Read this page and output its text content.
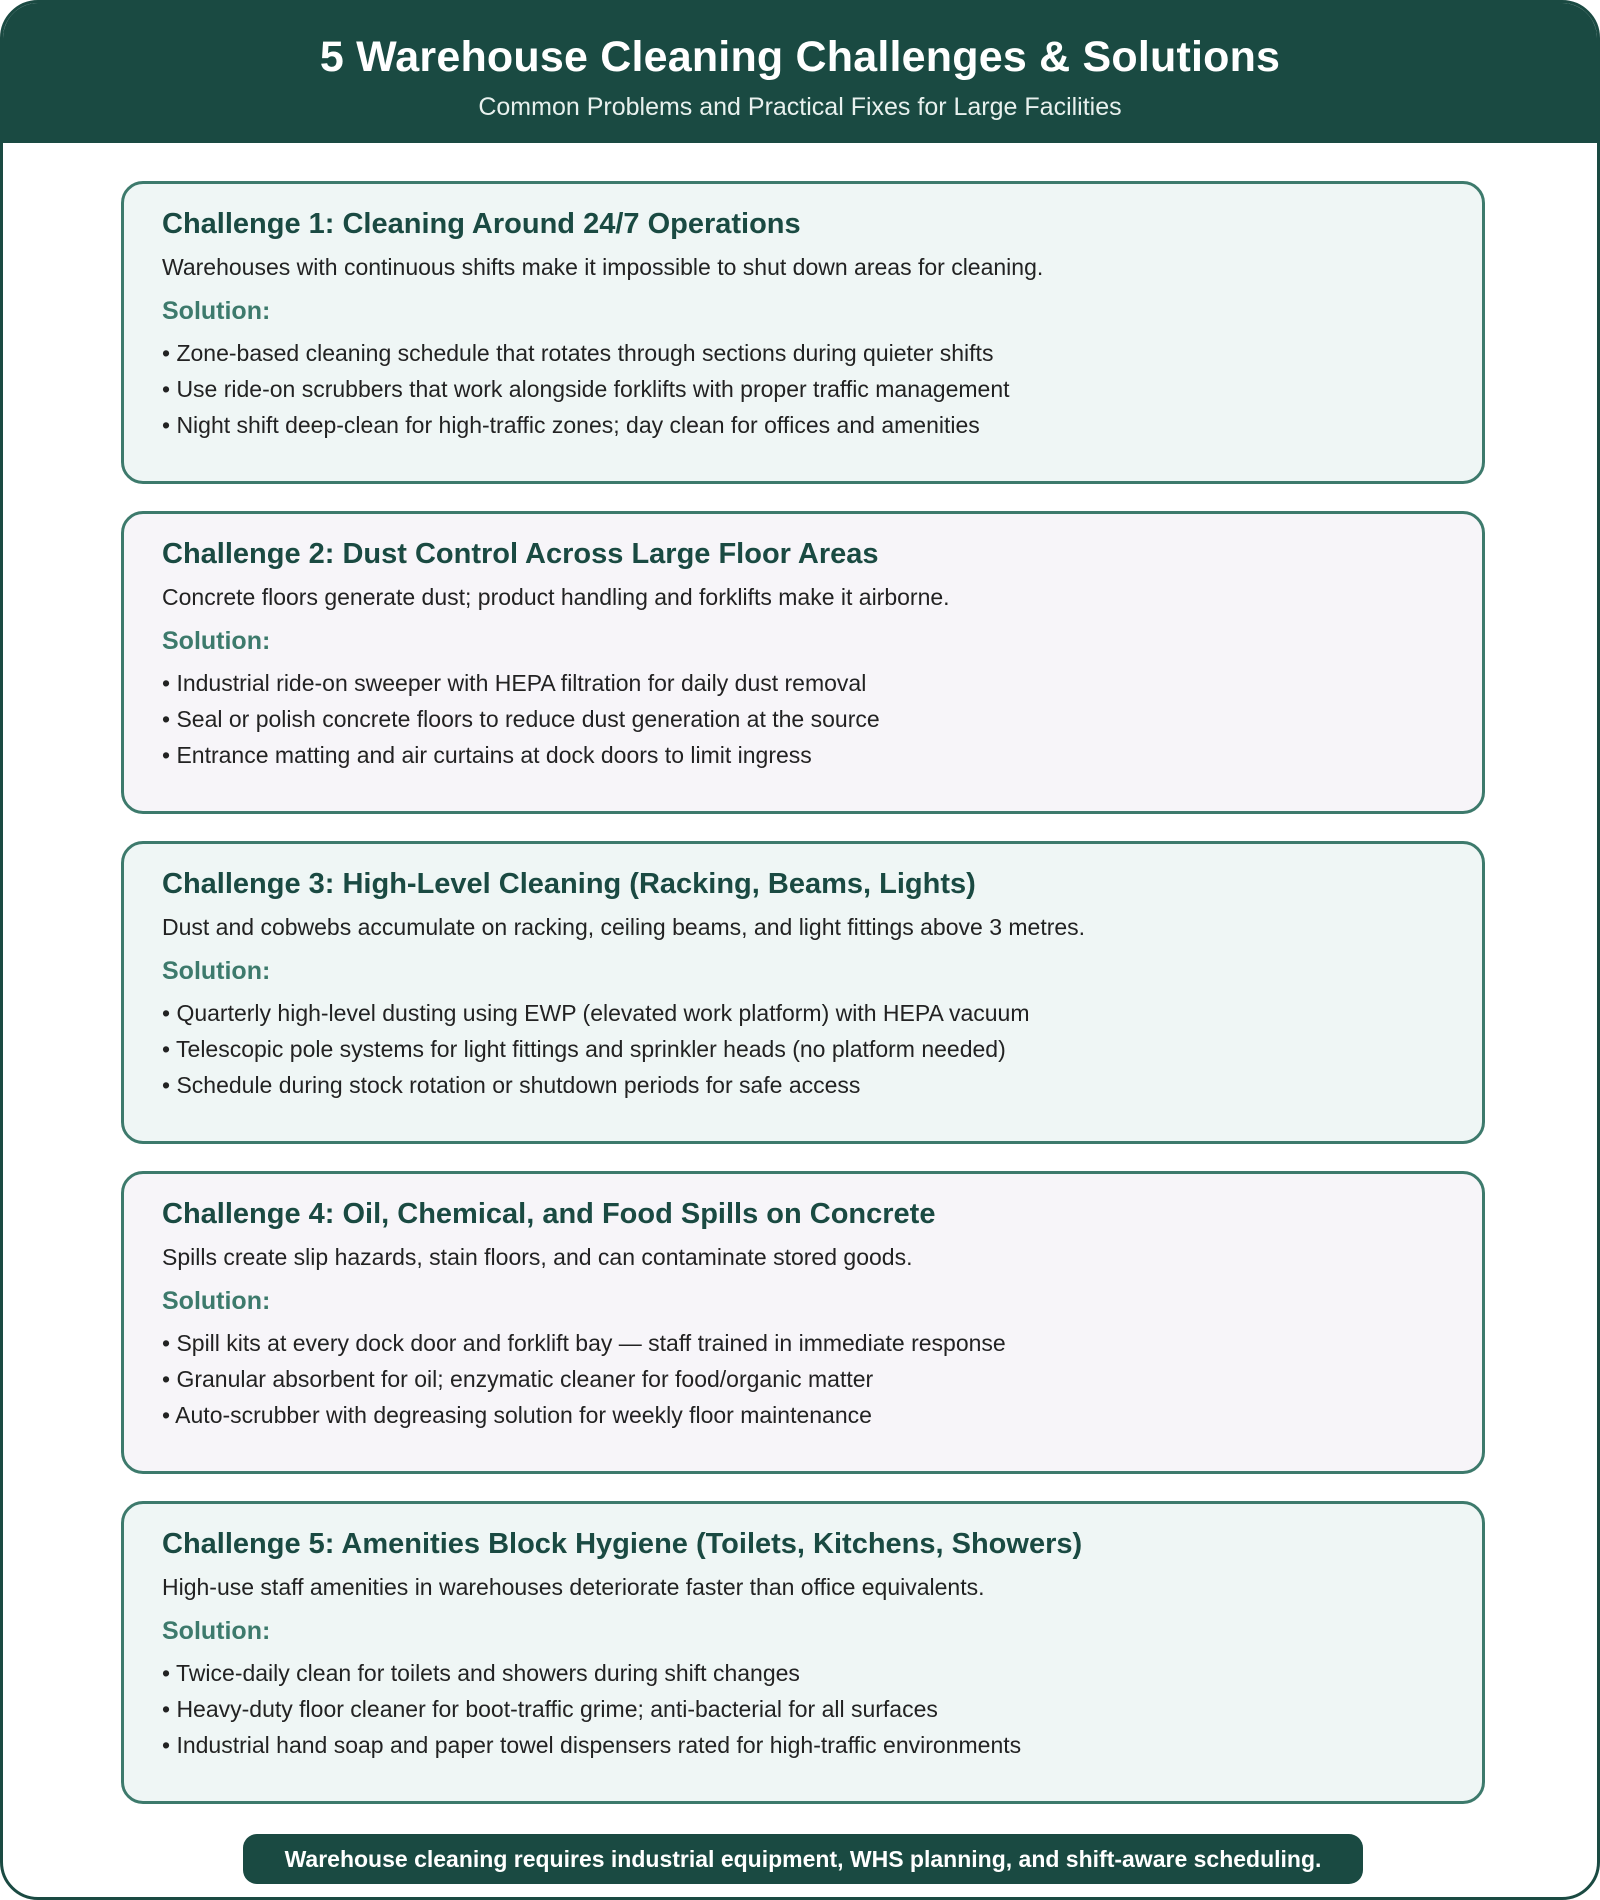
5 Warehouse Cleaning Challenges & Solutions
Common Problems and Practical Fixes for Large Facilities
Challenge 1: Cleaning Around 24/7 Operations

Warehouses with continuous shifts make it impossible to shut down areas for cleaning.

Solution:
• Zone-based cleaning schedule that rotates through sections during quieter shifts
• Use ride-on scrubbers that work alongside forklifts with proper traffic management
• Night shift deep-clean for high-traffic zones; day clean for offices and amenities
Challenge 2: Dust Control Across Large Floor Areas

Concrete floors generate dust; product handling and forklifts make it airborne.

Solution:
• Industrial ride-on sweeper with HEPA filtration for daily dust removal
• Seal or polish concrete floors to reduce dust generation at the source
• Entrance matting and air curtains at dock doors to limit ingress
Challenge 3: High-Level Cleaning (Racking, Beams, Lights)

Dust and cobwebs accumulate on racking, ceiling beams, and light fittings above 3 metres.

Solution:
• Quarterly high-level dusting using EWP (elevated work platform) with HEPA vacuum
• Telescopic pole systems for light fittings and sprinkler heads (no platform needed)
• Schedule during stock rotation or shutdown periods for safe access
Challenge 4: Oil, Chemical, and Food Spills on Concrete

Spills create slip hazards, stain floors, and can contaminate stored goods.

Solution:
• Spill kits at every dock door and forklift bay — staff trained in immediate response
• Granular absorbent for oil; enzymatic cleaner for food/organic matter
• Auto-scrubber with degreasing solution for weekly floor maintenance
Challenge 5: Amenities Block Hygiene (Toilets, Kitchens, Showers)

High-use staff amenities in warehouses deteriorate faster than office equivalents.

Solution:
• Twice-daily clean for toilets and showers during shift changes
• Heavy-duty floor cleaner for boot-traffic grime; anti-bacterial for all surfaces
• Industrial hand soap and paper towel dispensers rated for high-traffic environments
Warehouse cleaning requires industrial equipment, WHS planning, and shift-aware scheduling.
